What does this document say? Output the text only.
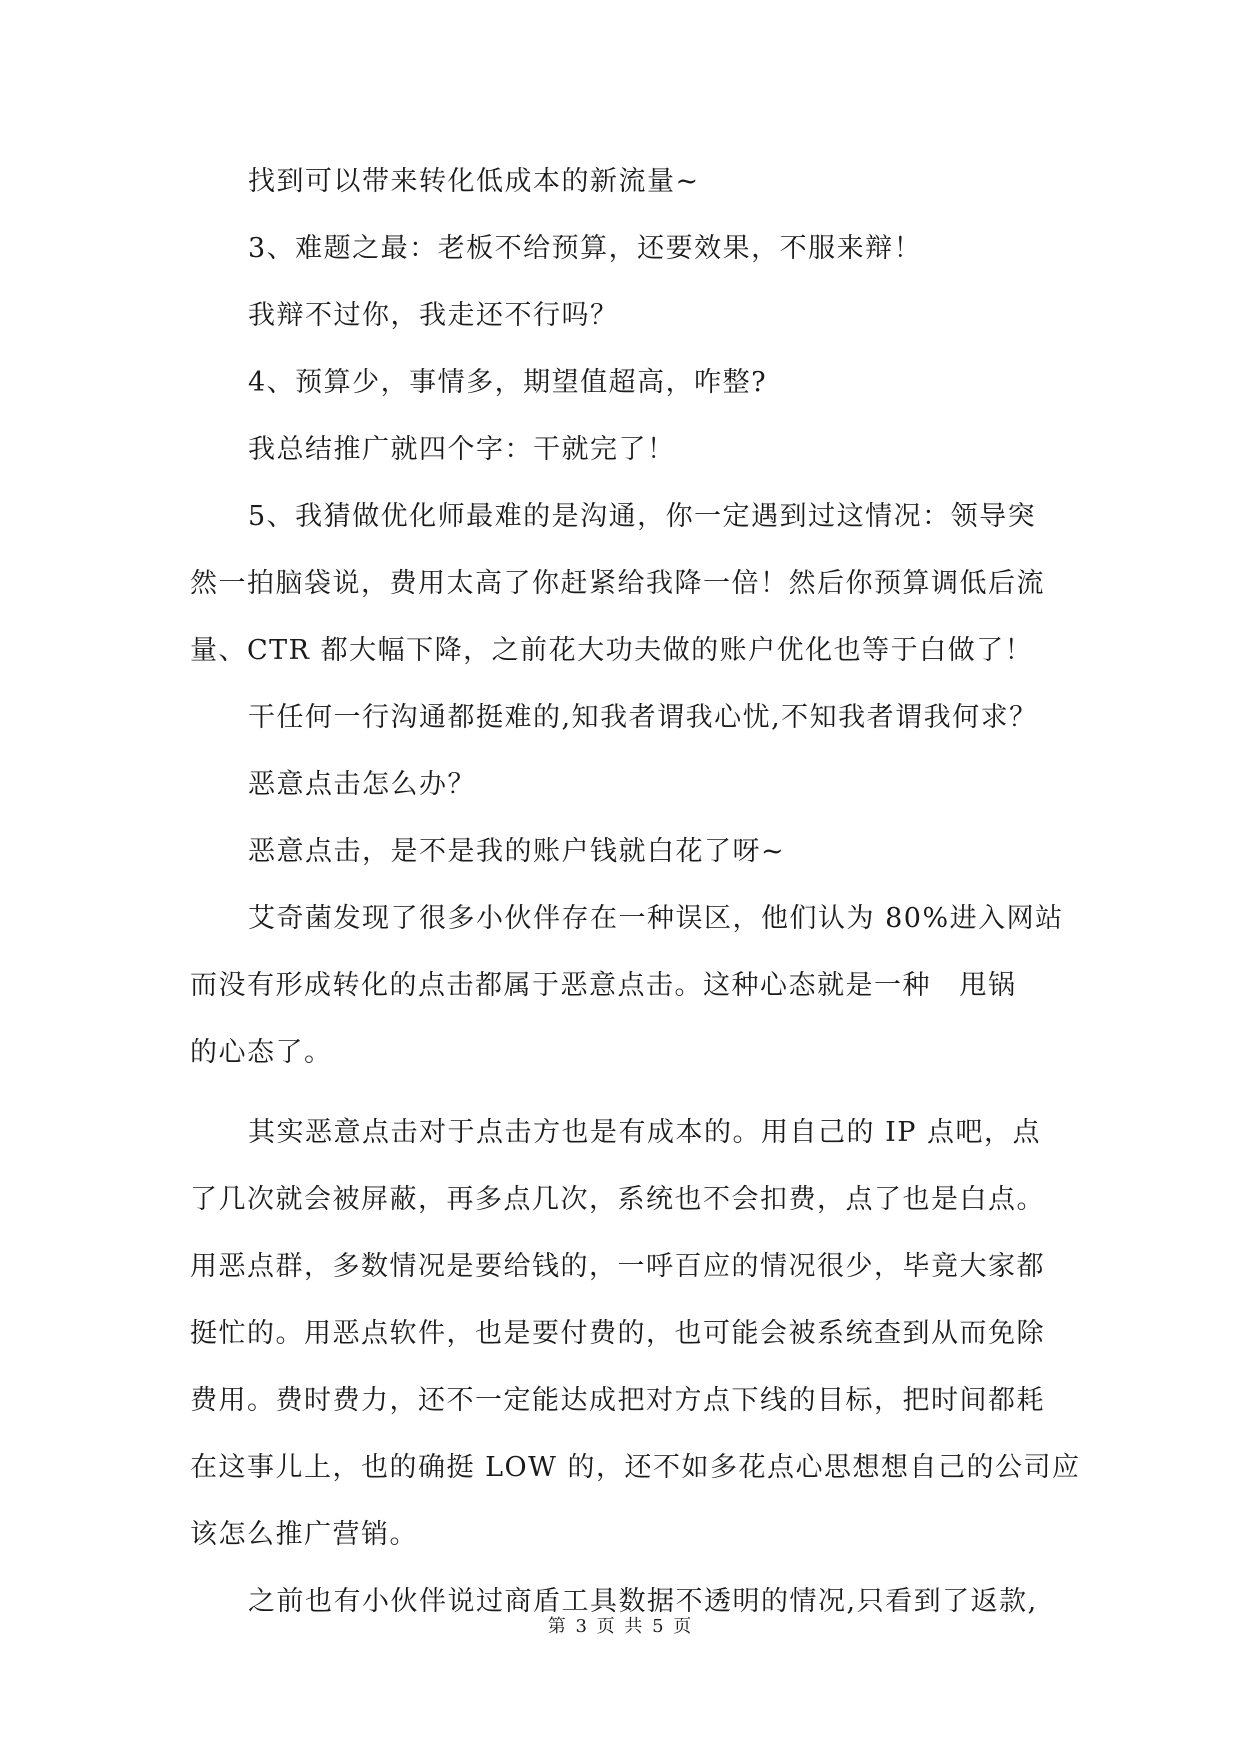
找到可以带来转化低成本的新流量~
3、难题之最：老板不给预算，还要效果，不服来辩！
我辩不过你，我走还不行吗？
4、预算少，事情多，期望值超高，咋整?
我总结推广就四个字：干就完了！
5、我猜做优化师最难的是沟通，你一定遇到过这情况：领导突
然一拍脑袋说，费用太高了你赶紧给我降一倍！然后你预算调低后流
量、CTR 都大幅下降，之前花大功夫做的账户优化也等于白做了！
干任何一行沟通都挺难的,知我者谓我心忧,不知我者谓我何求？
恶意点击怎么办？
恶意点击，是不是我的账户钱就白花了呀~
艾奇菌发现了很多小伙伴存在一种误区，他们认为 80%进入网站
而没有形成转化的点击都属于恶意点击。这种心态就是一种　甩锅
的心态了。
其实恶意点击对于点击方也是有成本的。用自己的 IP 点吧，点
了几次就会被屏蔽，再多点几次，系统也不会扣费，点了也是白点。
用恶点群，多数情况是要给钱的，一呼百应的情况很少，毕竟大家都
挺忙的。用恶点软件，也是要付费的，也可能会被系统查到从而免除
费用。费时费力，还不一定能达成把对方点下线的目标，把时间都耗
在这事儿上，也的确挺 LOW 的，还不如多花点心思想想自己的公司应
该怎么推广营销。
之前也有小伙伴说过商盾工具数据不透明的情况,只看到了返款,
第 3 页 共 5 页
